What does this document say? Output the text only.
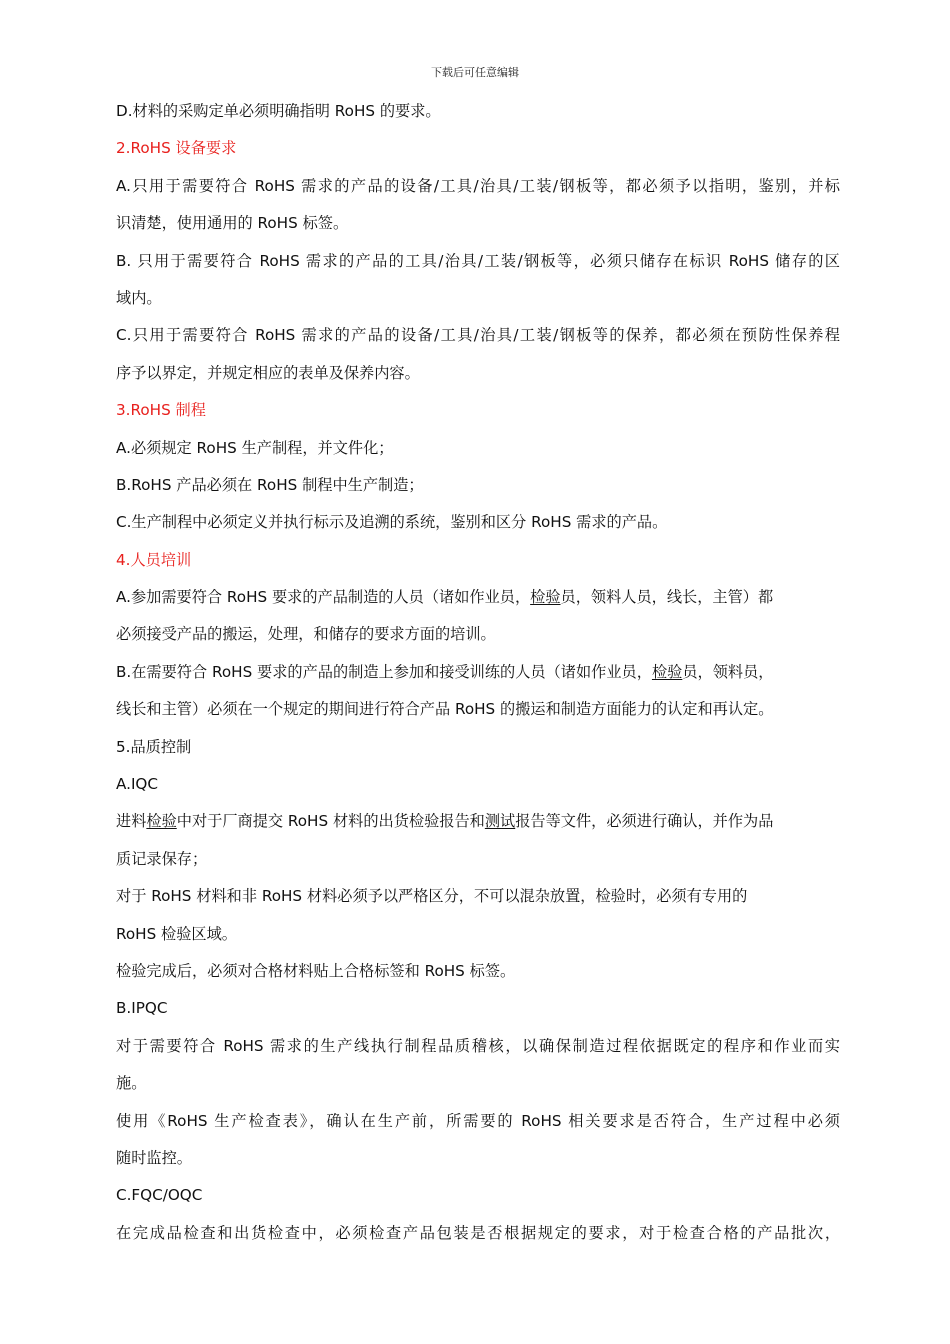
下载后可任意编辑
D.材料的采购定单必须明确指明 RoHS 的要求。
2.RoHS 设备要求
A.只用于需要符合 RoHS 需求的产品的设备/工具/治具/工装/钢板等，都必须予以指明，鉴别，并标
识清楚，使用通用的 RoHS 标签。
B. 只用于需要符合 RoHS 需求的产品的工具/治具/工装/钢板等，必须只储存在标识 RoHS 储存的区
域内。
C.只用于需要符合 RoHS 需求的产品的设备/工具/治具/工装/钢板等的保养，都必须在预防性保养程
序予以界定，并规定相应的表单及保养内容。
3.RoHS 制程
A.必须规定 RoHS 生产制程，并文件化；
B.RoHS 产品必须在 RoHS 制程中生产制造；
C.生产制程中必须定义并执行标示及追溯的系统，鉴别和区分 RoHS 需求的产品。
4.人员培训
A.参加需要符合 RoHS 要求的产品制造的人员（诸如作业员，检验员，领料人员，线长，主管）都
必须接受产品的搬运，处理，和储存的要求方面的培训。
B.在需要符合 RoHS 要求的产品的制造上参加和接受训练的人员（诸如作业员，检验员，领料员，
线长和主管）必须在一个规定的期间进行符合产品 RoHS 的搬运和制造方面能力的认定和再认定。
5.品质控制
A.IQC
进料检验中对于厂商提交 RoHS 材料的出货检验报告和测试报告等文件，必须进行确认，并作为品
质记录保存；
对于 RoHS 材料和非 RoHS 材料必须予以严格区分，不可以混杂放置，检验时，必须有专用的
RoHS 检验区域。
检验完成后，必须对合格材料贴上合格标签和 RoHS 标签。
B.IPQC
对于需要符合 RoHS 需求的生产线执行制程品质稽核，以确保制造过程依据既定的程序和作业而实
施。
使用《RoHS 生产检查表》，确认在生产前，所需要的 RoHS 相关要求是否符合，生产过程中必须
随时监控。
C.FQC/OQC
在完成品检查和出货检查中，必须检查产品包装是否根据规定的要求，对于检查合格的产品批次，
